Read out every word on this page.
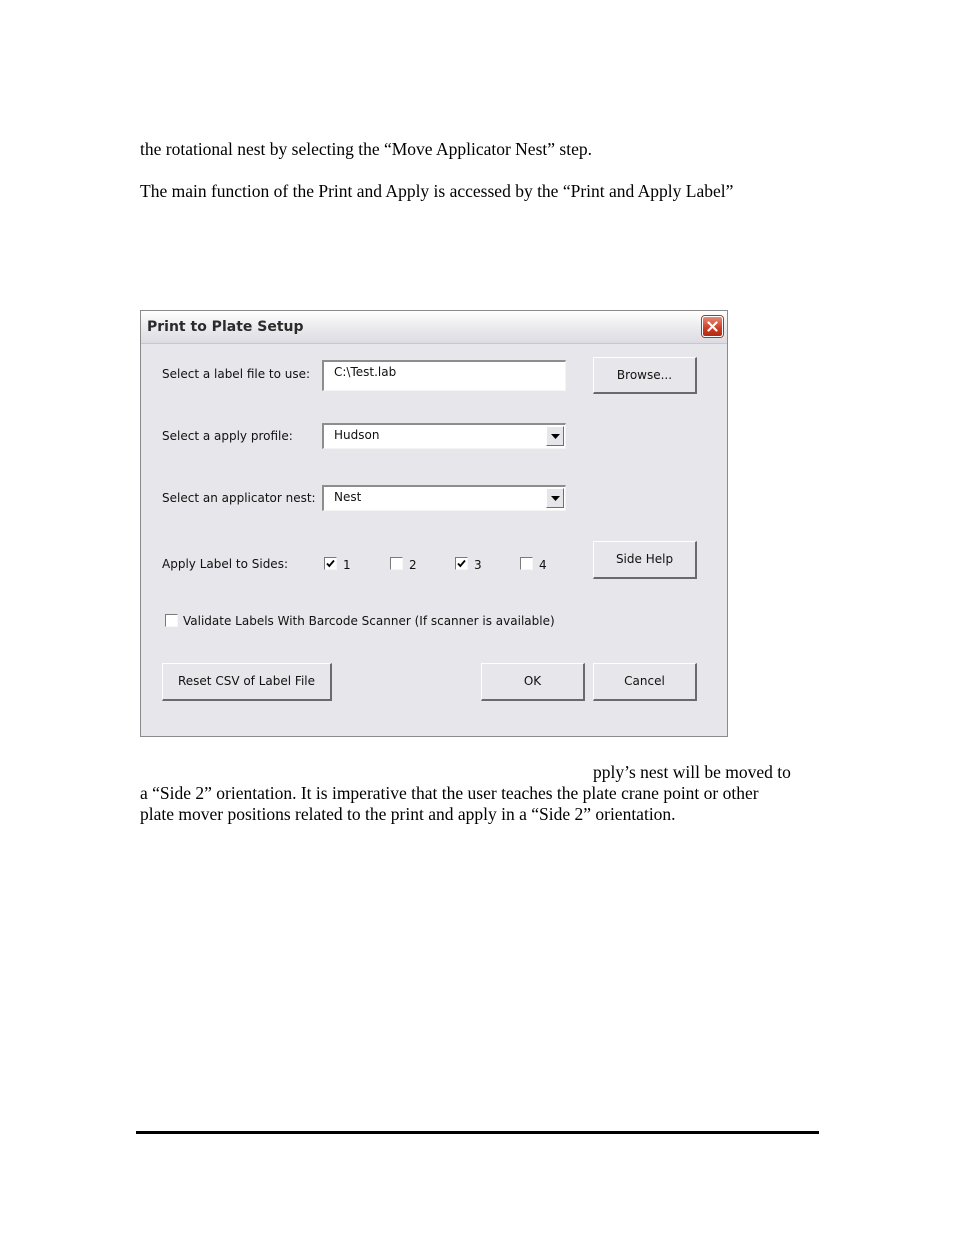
the rotational nest by selecting the “Move Applicator Nest” step.
The main function of the Print and Apply is accessed by the “Print and Apply Label”
Print to Plate Setup
Select a label file to use:	C:\Test.lab	Browse...
Select a apply profile:	Hudson
Select an applicator nest:	Nest
Apply Label to Sides:	1	2	3	4	Side Help
Validate Labels With Barcode Scanner (If scanner is available)
Reset CSV of Label File	OK	Cancel
pply’s nest will be moved to
a “Side 2” orientation. It is imperative that the user teaches the plate crane point or other
plate mover positions related to the print and apply in a “Side 2” orientation.
